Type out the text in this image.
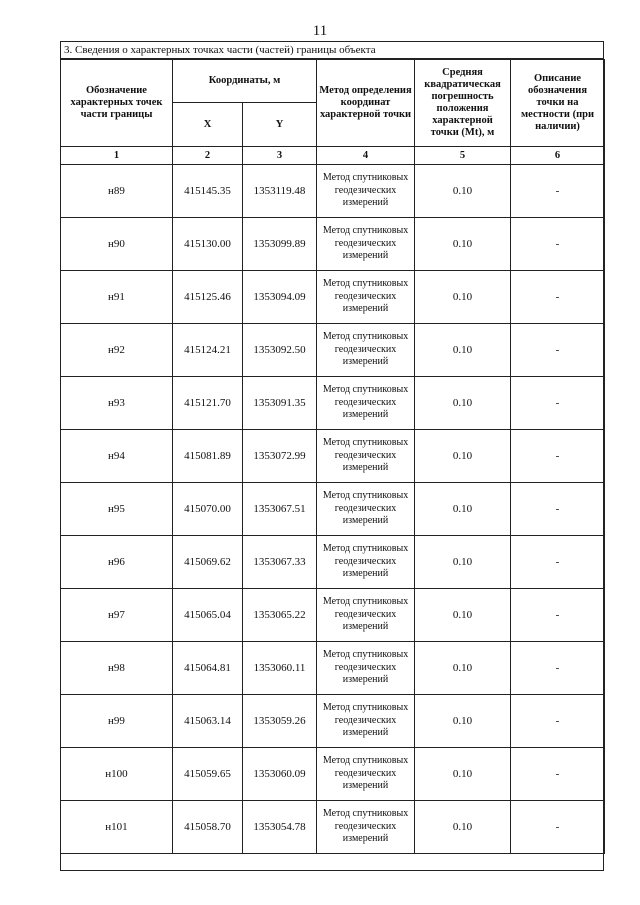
11
3. Сведения о характерных точках части (частей) границы объекта
Обозначение характерных точек части границы	Координаты, м		Метод определения координат характерной точки	Средняя квадратическая погрешность положения характерной точки (Mt), м	Описание обозначения точки на местности (при наличии)
	X	Y			
1	2	3	4	5	6
н89	415145.35	1353119.48	Метод спутниковых геодезических измерений	0.10	-
н90	415130.00	1353099.89	Метод спутниковых геодезических измерений	0.10	-
н91	415125.46	1353094.09	Метод спутниковых геодезических измерений	0.10	-
н92	415124.21	1353092.50	Метод спутниковых геодезических измерений	0.10	-
н93	415121.70	1353091.35	Метод спутниковых геодезических измерений	0.10	-
н94	415081.89	1353072.99	Метод спутниковых геодезических измерений	0.10	-
н95	415070.00	1353067.51	Метод спутниковых геодезических измерений	0.10	-
н96	415069.62	1353067.33	Метод спутниковых геодезических измерений	0.10	-
н97	415065.04	1353065.22	Метод спутниковых геодезических измерений	0.10	-
н98	415064.81	1353060.11	Метод спутниковых геодезических измерений	0.10	-
н99	415063.14	1353059.26	Метод спутниковых геодезических измерений	0.10	-
н100	415059.65	1353060.09	Метод спутниковых геодезических измерений	0.10	-
н101	415058.70	1353054.78	Метод спутниковых геодезических измерений	0.10	-
